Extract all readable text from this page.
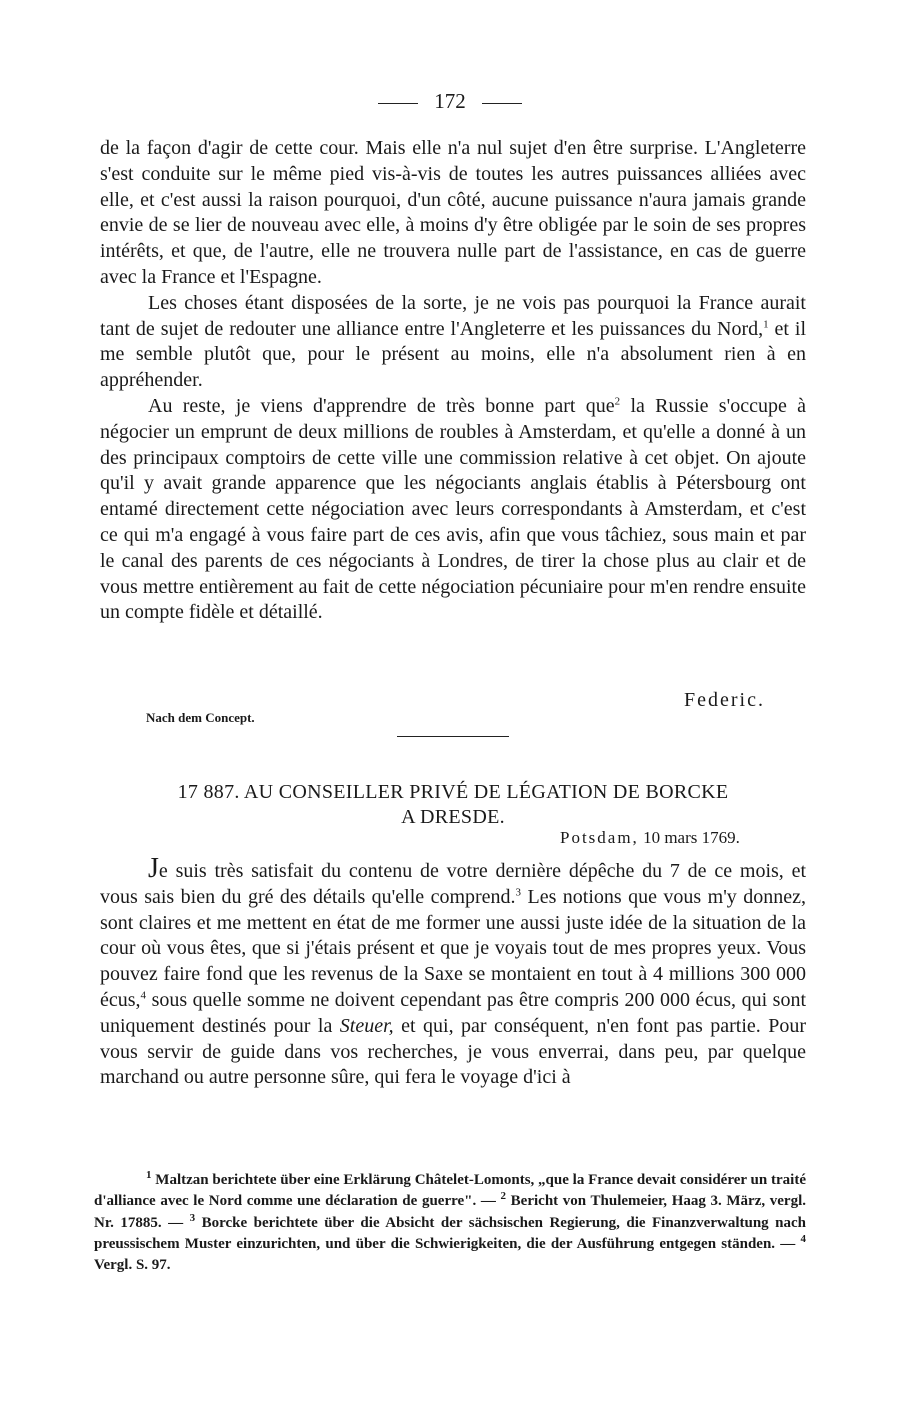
172

de la façon d'agir de cette cour. Mais elle n'a nul sujet d'en être surprise. L'Angleterre s'est conduite sur le même pied vis-à-vis de toutes les autres puissances alliées avec elle, et c'est aussi la raison pourquoi, d'un côté, aucune puissance n'aura jamais grande envie de se lier de nouveau avec elle, à moins d'y être obligée par le soin de ses propres intérêts, et que, de l'autre, elle ne trouvera nulle part de l'assistance, en cas de guerre avec la France et l'Espagne.

Les choses étant disposées de la sorte, je ne vois pas pourquoi la France aurait tant de sujet de redouter une alliance entre l'Angleterre et les puissances du Nord,$^1$ et il me semble plutôt que, pour le présent au moins, elle n'a absolument rien à en appréhender.

Au reste, je viens d'apprendre de très bonne part que$^2$ la Russie s'occupe à négocier un emprunt de deux millions de roubles à Amsterdam, et qu'elle a donné à un des principaux comptoirs de cette ville une commission relative à cet objet. On ajoute qu'il y avait grande apparence que les négociants anglais établis à Pétersbourg ont entamé directement cette négociation avec leurs correspondants à Amsterdam, et c'est ce qui m'a engagé à vous faire part de ces avis, afin que vous tâchiez, sous main et par le canal des parents de ces négociants à Londres, de tirer la chose plus au clair et de vous mettre entièrement au fait de cette négociation pécuniaire pour m'en rendre ensuite un compte fidèle et détaillé.

Federic.
Nach dem Concept.
17 887. AU CONSEILLER PRIVÉ DE LÉGATION DE BORCKE
A DRESDE.
Potsdam, 10 mars 1769.

Je suis très satisfait du contenu de votre dernière dépêche du 7 de ce mois, et vous sais bien du gré des détails qu'elle comprend.$^3$ Les notions que vous m'y donnez, sont claires et me mettent en état de me former une aussi juste idée de la situation de la cour où vous êtes, que si j'étais présent et que je voyais tout de mes propres yeux. Vous pouvez faire fond que les revenus de la Saxe se montaient en tout à 4 millions 300 000 écus,$^4$ sous quelle somme ne doivent cependant pas être compris 200 000 écus, qui sont uniquement destinés pour la Steuer, et qui, par conséquent, n'en font pas partie. Pour vous servir de guide dans vos recherches, je vous enverrai, dans peu, par quelque marchand ou autre personne sûre, qui fera le voyage d'ici à

$^1$ Maltzan berichtete über eine Erklärung Châtelet-Lomonts, „que la France devait considérer un traité d'alliance avec le Nord comme une déclaration de guerre". — $^2$ Bericht von Thulemeier, Haag 3. März, vergl. Nr. 17885. — $^3$ Borcke berichtete über die Absicht der sächsischen Regierung, die Finanzverwaltung nach preussischem Muster einzurichten, und über die Schwierigkeiten, die der Ausführung entgegen ständen. — $^4$ Vergl. S. 97.
